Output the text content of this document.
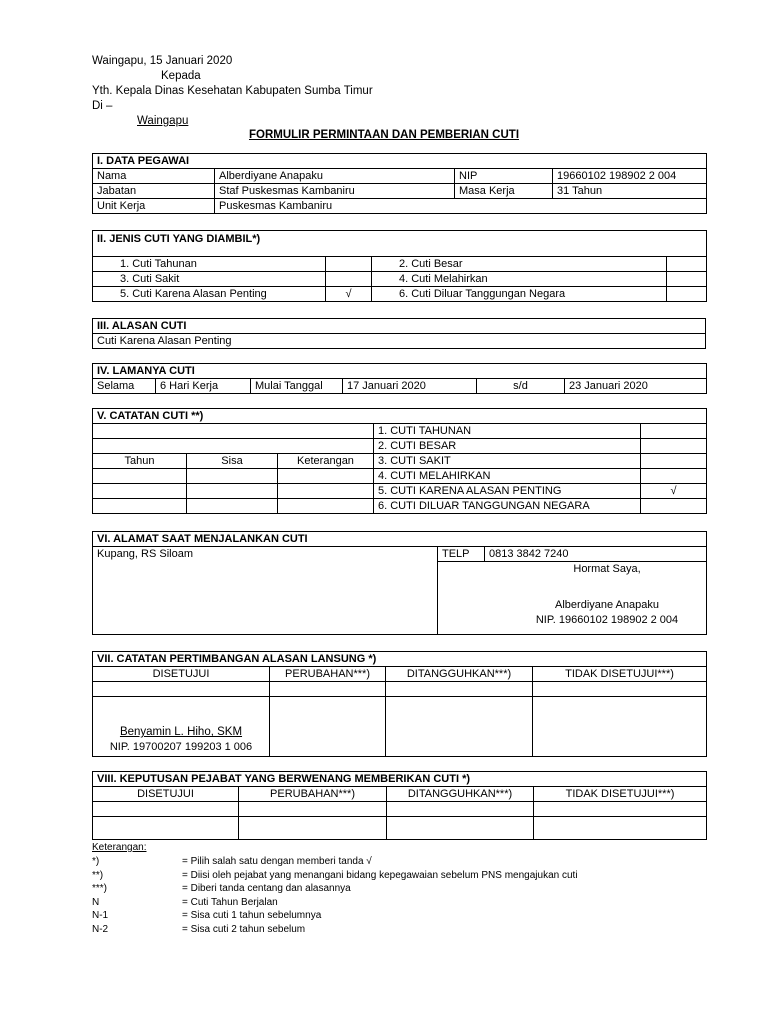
Waingapu, 15 Januari 2020
Kepada
Yth. Kepala Dinas Kesehatan Kabupaten Sumba Timur
Di –
Waingapu
FORMULIR PERMINTAAN DAN PEMBERIAN CUTI
I. DATA PEGAWAI			
Nama	Alberdiyane Anapaku	NIP	19660102 198902 2 004
Jabatan	Staf Puskesmas Kambaniru	Masa Kerja	31 Tahun
Unit Kerja	Puskesmas Kambaniru		
II. JENIS CUTI YANG DIAMBIL*)			
1. Cuti Tahunan		2. Cuti Besar	
3. Cuti Sakit		4. Cuti Melahirkan	
5. Cuti Karena Alasan Penting	√	6. Cuti Diluar Tanggungan Negara	
III. ALASAN CUTI
Cuti Karena Alasan Penting
IV. LAMANYA CUTI
Selama	6 Hari Kerja	Mulai Tanggal	17 Januari 2020	s/d	23 Januari 2020
V. CATATAN CUTI **)				
			1. CUTI TAHUNAN	
			2. CUTI BESAR	
Tahun	Sisa	Keterangan	3. CUTI SAKIT	
			4. CUTI MELAHIRKAN	
			5. CUTI KARENA ALASAN PENTING	√
			6. CUTI DILUAR TANGGUNGAN NEGARA	
VI. ALAMAT SAAT MENJALANKAN CUTI		
Kupang, RS Siloam	TELP	0813 3842 7240

	Hormat Saya,
Alberdiyane Anapaku
NIP. 19660102 198902 2 004	
VII. CATATAN PERTIMBANGAN ALASAN LANSUNG *)			
DISETUJUI	PERUBAHAN***)	DITANGGUHKAN***)	TIDAK DISETUJUI***)

Benyamin L. Hiho, SKM
NIP. 19700207 199203 1 006			

VIII. KEPUTUSAN PEJABAT YANG BERWENANG MEMBERIKAN CUTI *)			
DISETUJUI	PERUBAHAN***)	DITANGGUHKAN***)	TIDAK DISETUJUI***)

Keterangan:
*)	= Pilih salah satu dengan memberi tanda √
**)	= Diisi oleh pejabat yang menangani bidang kepegawaian sebelum PNS mengajukan cuti
***)	= Diberi tanda centang dan alasannya
N	= Cuti Tahun Berjalan
N-1	= Sisa cuti 1 tahun sebelumnya
N-2	= Sisa cuti 2 tahun sebelum
